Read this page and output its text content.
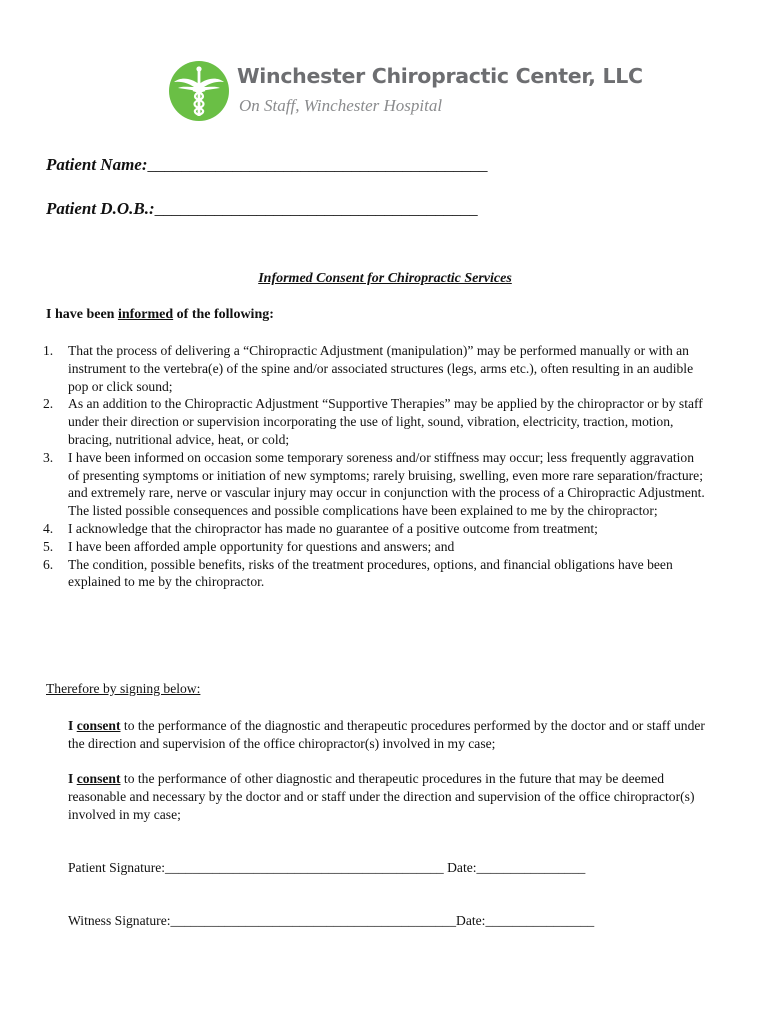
Winchester Chiropractic Center, LLC
On Staff, Winchester Hospital
Patient Name:________________________________________
Patient D.O.B.:______________________________________
Informed Consent for Chiropractic Services
I have been informed of the following:
1. That the process of delivering a “Chiropractic Adjustment (manipulation)” may be performed manually or with an instrument to the vertebra(e) of the spine and/or associated structures (legs, arms etc.), often resulting in an audible pop or click sound;
2. As an addition to the Chiropractic Adjustment “Supportive Therapies” may be applied by the chiropractor or by staff under their direction or supervision incorporating the use of light, sound, vibration, electricity, traction, motion, bracing, nutritional advice, heat, or cold;
3. I have been informed on occasion some temporary soreness and/or stiffness may occur; less frequently aggravation of presenting symptoms or initiation of new symptoms; rarely bruising, swelling, even more rare separation/fracture; and extremely rare, nerve or vascular injury may occur in conjunction with the process of a Chiropractic Adjustment. The listed possible consequences and possible complications have been explained to me by the chiropractor;
4. I acknowledge that the chiropractor has made no guarantee of a positive outcome from treatment;
5. I have been afforded ample opportunity for questions and answers; and
6. The condition, possible benefits, risks of the treatment procedures, options, and financial obligations have been explained to me by the chiropractor.
Therefore by signing below:
I consent to the performance of the diagnostic and therapeutic procedures performed by the doctor and or staff under the direction and supervision of the office chiropractor(s) involved in my case;
I consent to the performance of other diagnostic and therapeutic procedures in the future that may be deemed reasonable and necessary by the doctor and or staff under the direction and supervision of the office chiropractor(s) involved in my case;
Patient Signature:_________________________________________ Date:________________
Witness Signature:__________________________________________Date:________________
